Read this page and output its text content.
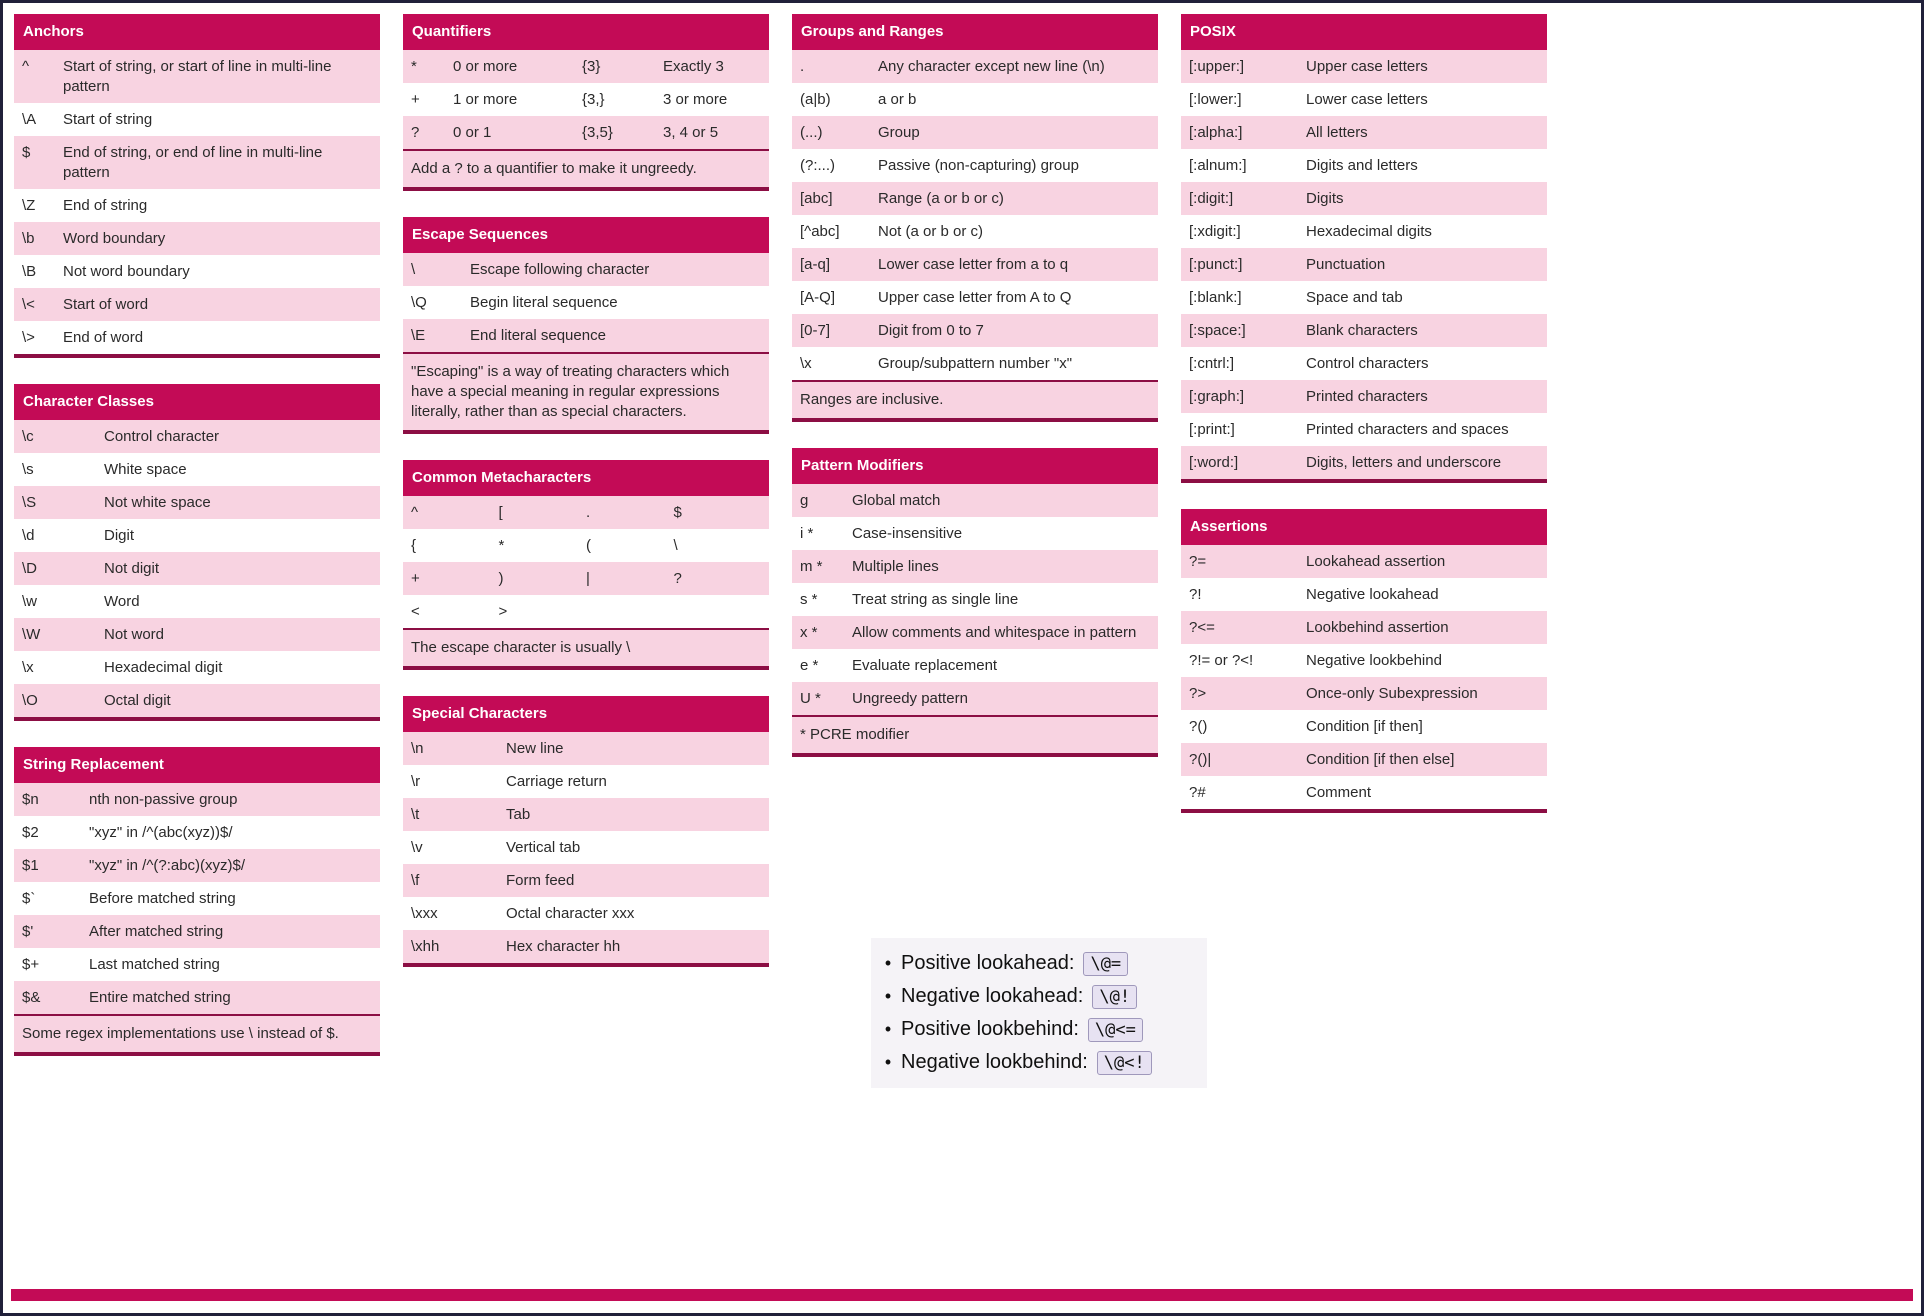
Anchors
^	Start of string, or start of line in multi-line pattern
\A	Start of string
$	End of string, or end of line in multi-line pattern
\Z	End of string
\b	Word boundary
\B	Not word boundary
\<	Start of word
\>	End of word
Character Classes
\c	Control character
\s	White space
\S	Not white space
\d	Digit
\D	Not digit
\w	Word
\W	Not word
\x	Hexadecimal digit
\O	Octal digit
String Replacement
$n	nth non-passive group
$2	"xyz" in /^(abc(xyz))$/
$1	"xyz" in /^(?:abc)(xyz)$/
$`	Before matched string
$'	After matched string
$+	Last matched string
$&	Entire matched string
Some regex implementations use \ instead of $.
Quantifiers
*	0 or more	{3}	Exactly 3
+	1 or more	{3,}	3 or more
?	0 or 1	{3,5}	3, 4 or 5
Add a ? to a quantifier to make it ungreedy.
Escape Sequences
\	Escape following character
\Q	Begin literal sequence
\E	End literal sequence
"Escaping" is a way of treating characters which have a special meaning in regular expressions literally, rather than as special characters.
Common Metacharacters
^	[	.	$
{	*	(	\
+	)	|	?
<	>
The escape character is usually \
Special Characters
\n	New line
\r	Carriage return
\t	Tab
\v	Vertical tab
\f	Form feed
\xxx	Octal character xxx
\xhh	Hex character hh
Groups and Ranges
.	Any character except new line (\n)
(a|b)	a or b
(...)	Group
(?:...)	Passive (non-capturing) group
[abc]	Range (a or b or c)
[^abc]	Not (a or b or c)
[a-q]	Lower case letter from a to q
[A-Q]	Upper case letter from A to Q
[0-7]	Digit from 0 to 7
\x	Group/subpattern number "x"
Ranges are inclusive.
Pattern Modifiers
g	Global match
i *	Case-insensitive
m *	Multiple lines
s *	Treat string as single line
x *	Allow comments and whitespace in pattern
e *	Evaluate replacement
U *	Ungreedy pattern
* PCRE modifier
• Positive lookahead: \@=
• Negative lookahead: \@!
• Positive lookbehind: \@<=
• Negative lookbehind: \@<!
POSIX
[:upper:]	Upper case letters
[:lower:]	Lower case letters
[:alpha:]	All letters
[:alnum:]	Digits and letters
[:digit:]	Digits
[:xdigit:]	Hexadecimal digits
[:punct:]	Punctuation
[:blank:]	Space and tab
[:space:]	Blank characters
[:cntrl:]	Control characters
[:graph:]	Printed characters
[:print:]	Printed characters and spaces
[:word:]	Digits, letters and underscore
Assertions
?=	Lookahead assertion
?!	Negative lookahead
?<=	Lookbehind assertion
?!= or ?<!	Negative lookbehind
?>	Once-only Subexpression
?()	Condition [if then]
?()|	Condition [if then else]
?#	Comment
